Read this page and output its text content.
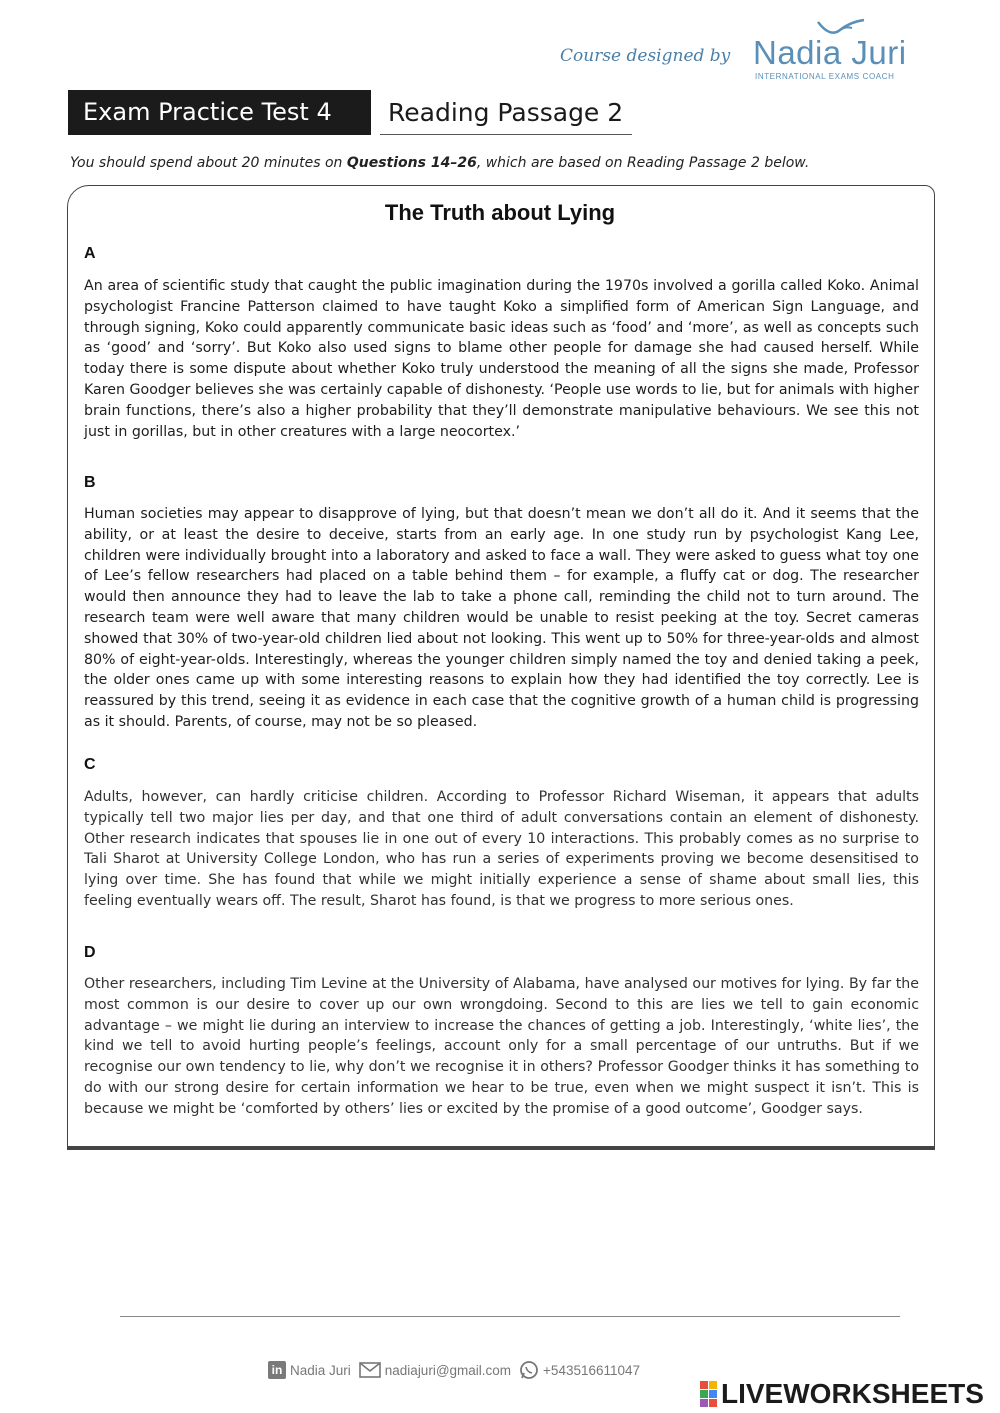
Course designed by Nadia Juri
INTERNATIONAL EXAMS COACH
Exam Practice Test 4	Reading Passage 2
You should spend about 20 minutes on Questions 14–26, which are based on Reading Passage 2 below.
The Truth about Lying
A
An area of scientific study that caught the public imagination during the 1970s involved a gorilla called Koko. Animal psychologist Francine Patterson claimed to have taught Koko a simplified form of American Sign Language, and through signing, Koko could apparently communicate basic ideas such as ‘food’ and ‘more’, as well as concepts such as ‘good’ and ‘sorry’. But Koko also used signs to blame other people for damage she had caused herself. While today there is some dispute about whether Koko truly understood the meaning of all the signs she made, Professor Karen Goodger believes she was certainly capable of dishonesty. ‘People use words to lie, but for animals with higher brain functions, there’s also a higher probability that they’ll demonstrate manipulative behaviours. We see this not just in gorillas, but in other creatures with a large neocortex.’
B
Human societies may appear to disapprove of lying, but that doesn’t mean we don’t all do it. And it seems that the ability, or at least the desire to deceive, starts from an early age. In one study run by psychologist Kang Lee, children were individually brought into a laboratory and asked to face a wall. They were asked to guess what toy one of Lee’s fellow researchers had placed on a table behind them – for example, a fluffy cat or dog. The researcher would then announce they had to leave the lab to take a phone call, reminding the child not to turn around. The research team were well aware that many children would be unable to resist peeking at the toy. Secret cameras showed that 30% of two-year-old children lied about not looking. This went up to 50% for three-year-olds and almost 80% of eight-year-olds. Interestingly, whereas the younger children simply named the toy and denied taking a peek, the older ones came up with some interesting reasons to explain how they had identified the toy correctly. Lee is reassured by this trend, seeing it as evidence in each case that the cognitive growth of a human child is progressing as it should. Parents, of course, may not be so pleased.
C
Adults, however, can hardly criticise children. According to Professor Richard Wiseman, it appears that adults typically tell two major lies per day, and that one third of adult conversations contain an element of dishonesty. Other research indicates that spouses lie in one out of every 10 interactions. This probably comes as no surprise to Tali Sharot at University College London, who has run a series of experiments proving we become desensitised to lying over time. She has found that while we might initially experience a sense of shame about small lies, this feeling eventually wears off. The result, Sharot has found, is that we progress to more serious ones.
D
Other researchers, including Tim Levine at the University of Alabama, have analysed our motives for lying. By far the most common is our desire to cover up our own wrongdoing. Second to this are lies we tell to gain economic advantage – we might lie during an interview to increase the chances of getting a job. Interestingly, ‘white lies’, the kind we tell to avoid hurting people’s feelings, account only for a small percentage of our untruths. But if we recognise our own tendency to lie, why don’t we recognise it in others? Professor Goodger thinks it has something to do with our strong desire for certain information we hear to be true, even when we might suspect it isn’t. This is because we might be ‘comforted by others’ lies or excited by the promise of a good outcome’, Goodger says.
in Nadia Juri	nadiajuri@gmail.com +543516611047
LIVEWORKSHEETS
